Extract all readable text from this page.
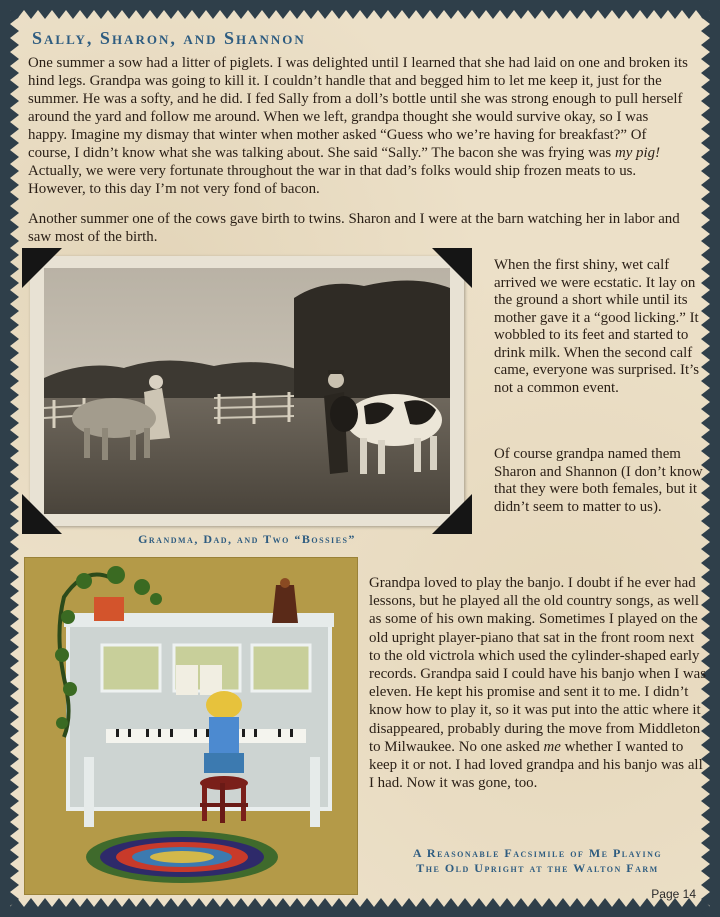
Sally, Sharon, and Shannon

One summer a sow had a litter of piglets. I was delighted until I learned that she had laid on one and broken its hind legs. Grandpa was going to kill it. I couldn’t handle that and begged him to let me keep it, just for the summer. He was a softy, and he did. I fed Sally from a doll’s bottle until she was strong enough to pull herself around the yard and follow me around. When we left, grandpa thought she would survive okay, so I was happy. Imagine my dismay that winter when mother asked “Guess who we’re having for breakfast?” Of course, I didn’t know what she was talking about. She said “Sally.” The bacon she was frying was my pig! Actually, we were very fortunate throughout the war in that dad’s folks would ship frozen meats to us. However, to this day I’m not very fond of bacon.

Another summer one of the cows gave birth to twins. Sharon and I were at the barn watching her in labor and saw most of the birth.

Grandma, Dad, and Two “Bossies”

When the first shiny, wet calf arrived we were ecstatic. It lay on the ground a short while until its mother gave it a “good licking.” It wobbled to its feet and started to drink milk. When the second calf came, everyone was surprised. It’s not a common event.

Of course grandpa named them Sharon and Shannon (I don’t know that they were both females, but it didn’t seem to matter to us).

Grandpa loved to play the banjo. I doubt if he ever had lessons, but he played all the old country songs, as well as some of his own making. Sometimes I played on the old upright player-piano that sat in the front room next to the old victrola which used the cylinder-shaped early records. Grandpa said I could have his banjo when I was eleven. He kept his promise and sent it to me. I didn’t know how to play it, so it was put into the attic where it disappeared, probably during the move from Middleton to Milwaukee. No one asked me whether I wanted to keep it or not. I had loved grandpa and his banjo was all I had. Now it was gone, too.

A Reasonable Facsimile of Me Playing
The Old Upright at the Walton Farm

Page 14
